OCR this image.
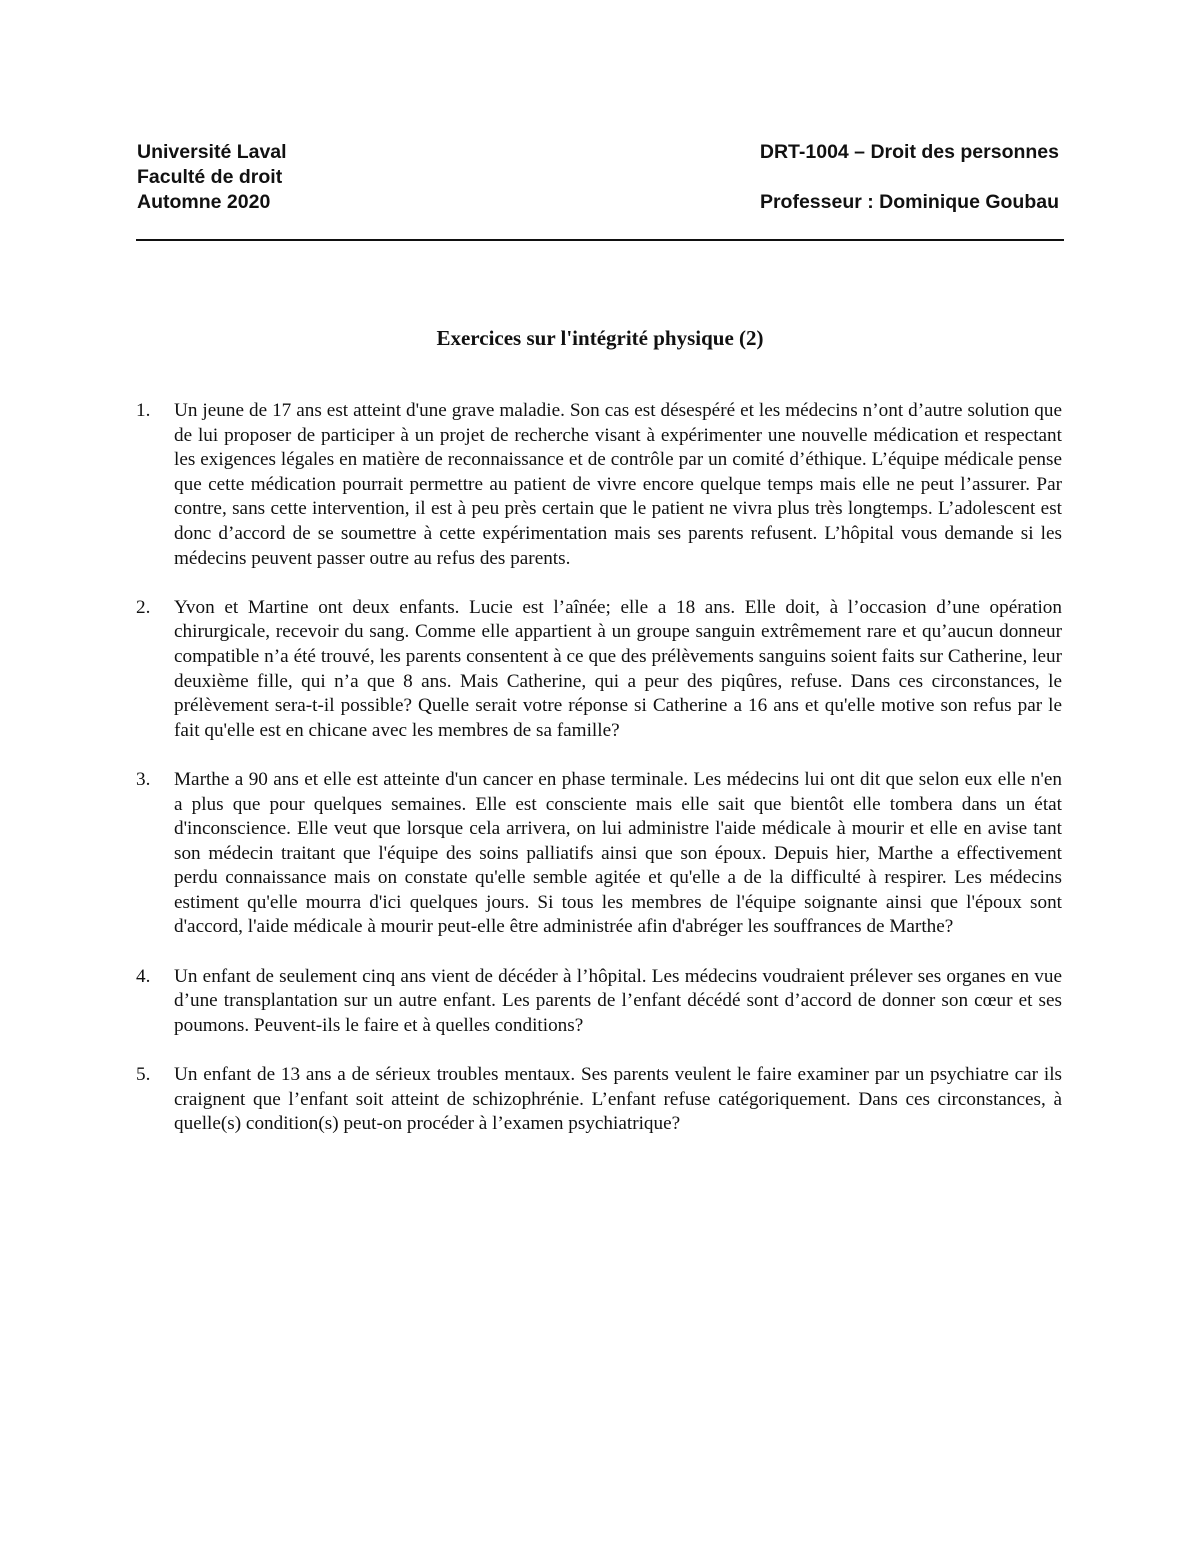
Université Laval
Faculté de droit
Automne 2020
DRT-1004 – Droit des personnes
Professeur : Dominique Goubau
Exercices sur l'intégrité physique (2)
1.	Un jeune de 17 ans est atteint d'une grave maladie. Son cas est désespéré et les médecins n’ont d’autre solution que de lui proposer de participer à un projet de recherche visant à expérimenter une nouvelle médication et respectant les exigences légales en matière de reconnaissance et de contrôle par un comité d’éthique. L’équipe médicale pense que cette médication pourrait permettre au patient de vivre encore quelque temps mais elle ne peut l’assurer. Par contre, sans cette intervention, il est à peu près certain que le patient ne vivra plus très longtemps. L’adolescent est donc d’accord de se soumettre à cette expérimentation mais ses parents refusent. L’hôpital vous demande si les médecins peuvent passer outre au refus des parents.
2.	Yvon et Martine ont deux enfants. Lucie est l’aînée; elle a 18 ans. Elle doit, à l’occasion d’une opération chirurgicale, recevoir du sang. Comme elle appartient à un groupe sanguin extrêmement rare et qu’aucun donneur compatible n’a été trouvé, les parents consentent à ce que des prélèvements sanguins soient faits sur Catherine, leur deuxième fille, qui n’a que 8 ans. Mais Catherine, qui a peur des piqûres, refuse. Dans ces circonstances, le prélèvement sera-t-il possible? Quelle serait votre réponse si Catherine a 16 ans et qu'elle motive son refus par le fait qu'elle est en chicane avec les membres de sa famille?
3.	Marthe a 90 ans et elle est atteinte d'un cancer en phase terminale. Les médecins lui ont dit que selon eux elle n'en a plus que pour quelques semaines. Elle est consciente mais elle sait que bientôt elle tombera dans un état d'inconscience. Elle veut que lorsque cela arrivera, on lui administre l'aide médicale à mourir et elle en avise tant son médecin traitant que l'équipe des soins palliatifs ainsi que son époux. Depuis hier, Marthe a effectivement perdu connaissance mais on constate qu'elle semble agitée et qu'elle a de la difficulté à respirer. Les médecins estiment qu'elle mourra d'ici quelques jours. Si tous les membres de l'équipe soignante ainsi que l'époux sont d'accord, l'aide médicale à mourir peut-elle être administrée afin d'abréger les souffrances de Marthe?
4.	Un enfant de seulement cinq ans vient de décéder à l’hôpital. Les médecins voudraient prélever ses organes en vue d’une transplantation sur un autre enfant. Les parents de l’enfant décédé sont d’accord de donner son cœur et ses poumons. Peuvent-ils le faire et à quelles conditions?
5.	Un enfant de 13 ans a de sérieux troubles mentaux. Ses parents veulent le faire examiner par un psychiatre car ils craignent que l’enfant soit atteint de schizophrénie. L’enfant refuse catégoriquement. Dans ces circonstances, à quelle(s) condition(s) peut-on procéder à l’examen psychiatrique?
